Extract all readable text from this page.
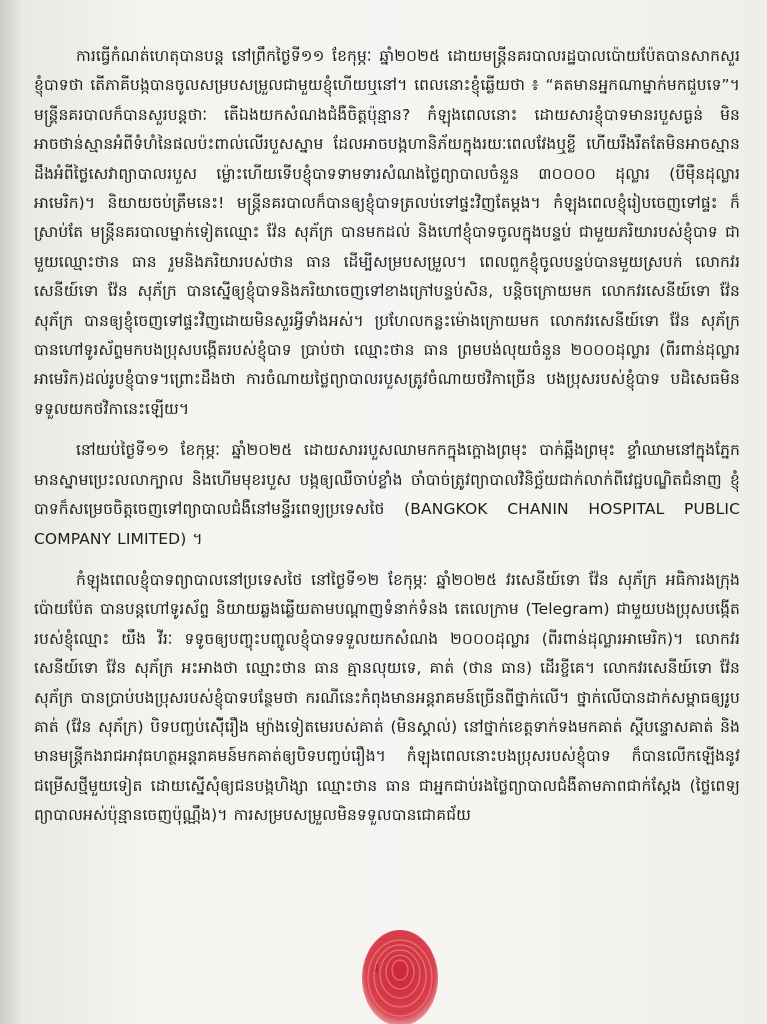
ការធ្វើកំណត់ហេតុបានបន្ត នៅព្រឹកថ្ងៃទី១១ ខែកុម្ភៈ ឆ្នាំ២០២៥ ដោយមន្ត្រីនគរបាលរដ្ឋបាលប៉ោយប៉ែតបានសាកសួរខ្ញុំបាទថា តើភាគីបង្កបានចូលសម្របសម្រួលជាមួយខ្ញុំហើយឬនៅ។ ពេលនោះខ្ញុំឆ្លើយថា ៖ “គតមានអ្នកណាម្នាក់មកជួបទេ”។ មន្ត្រីនគរបាលក៏បានសួរបន្តថាៈ តើឯងយកសំណងជំងឺចិត្តប៉ុន្មាន? កំឡុងពេលនោះ ដោយសារខ្ញុំបាទមានរបួសធ្ងន់ មិនអាចថាន់ស្មានអំពីទំហំនៃផលប៉ះពាល់លើរបួសស្នាម ដែលអាចបង្កហានិភ័យក្នុងរយៈពេលវែងឬខ្លី ហើយរឹងរឹតតែមិនអាចស្មានដឹងអំពីថ្លៃសេវាព្យាបាលរបួស ម៉្លោះហើយទើបខ្ញុំបាទទាមទារសំណងថ្លៃព្យាបាលចំនួន ៣០០០០ ដុល្លារ (បីម៉ឺនដុល្លារអាមេរិក)។ និយាយចប់ត្រឹមនេះ! មន្ត្រីនគរបាលក៏បានឲ្យខ្ញុំបាទត្រលប់ទៅផ្ទះវិញតែម្តង។ កំឡុងពេលខ្ញុំរៀបចេញទៅផ្ទះ ក៏ស្រាប់តែ មន្ត្រីនគរបាលម្នាក់ទៀតឈ្មោះ វ៉ែន សុភ័ក្រ បានមកដល់ និងហៅខ្ញុំបាទចូលក្នុងបន្ទប់ ជាមួយភរិយារបស់ខ្ញុំបាទ ជាមួយឈ្មោះថាន ធាន រួមនិងភរិយារបស់ថាន ធាន ដើម្បីសម្របសម្រួល។ ពេលពួកខ្ញុំចូលបន្ទប់បានមួយស្របក់ លោកវរសេនីយ៍ទោ វ៉ែន សុភ័ក្រ បានស្នើឲ្យខ្ញុំបាទនិងភរិយាចេញទៅខាងក្រៅបន្ទប់សិន, បន្តិចក្រោយមក លោកវរសេនីយ៍ទោ វ៉ែន សុភ័ក្រ បានឲ្យខ្ញុំចេញទៅផ្ទះវិញដោយមិនសួរអ្វីទាំងអស់។ ប្រហែលកន្លះម៉ោងក្រោយមក លោកវរសេនីយ៍ទោ វ៉ែន សុភ័ក្រ បានហៅទូរស័ព្ទមកបងប្រុសបង្កើតរបស់ខ្ញុំបាទ ប្រាប់ថា ឈ្មោះថាន ធាន ព្រមបង់លុយចំនួន ២០០០ដុល្លារ (ពីរពាន់ដុល្លារអាមេរិក)ដល់រូបខ្ញុំបាទ។ព្រោះដឹងថា ការចំណាយថ្លៃព្យាបាលរបួសត្រូវចំណាយថវិកាច្រើន បងប្រុសរបស់ខ្ញុំបាទ បដិសេធមិនទទួលយកថវិកានេះឡើយ។

នៅយប់ថ្ងៃទី១១ ខែកុម្ភៈ ឆ្នាំ២០២៥ ដោយសាររបួសឈាមកកក្នុងក្ពោងព្រមុះ បាក់ឆ្អឹងព្រមុះ ខ្ទាំឈាមនៅក្នុងភ្នែក មានស្នាមប្រេះលលាក្បាល និងហើមមុខរបួស បង្កឲ្យឈឺចាប់ខ្លាំង ចាំបាច់ត្រូវព្យាបាលវិនិច្ឆ័យជាក់លាក់ពីវេជ្ជបណ្ឌិតជំនាញ ខ្ញុំបាទក៏សម្រេចចិត្តចេញទៅព្យាបាលជំងឺនៅមន្ទីរពេទ្យប្រទេសថៃ (BANGKOK CHANIN HOSPITAL PUBLIC COMPANY LIMITED) ។

កំឡុងពេលខ្ញុំបាទព្យាបាលនៅប្រទេសថៃ នៅថ្ងៃទី១២ ខែកុម្ភៈ ឆ្នាំ២០២៥ វរសេនីយ៍ទោ វ៉ែន សុភ័ក្រ អធិការងក្រុងប៉ោយប៉ែត បានបន្តហៅទូរស័ព្ទ និយាយឆ្លងឆ្លើយតាមបណ្តាញទំនាក់ទំនង តេលេក្រាម (Telegram) ជាមួយបងប្រុសបង្កើតរបស់ខ្ញុំឈ្មោះ យឹង វីរៈ ទទូចឲ្យបញ្ចុះបញ្ចូលខ្ញុំបាទទទួលយកសំណង ២០០០ដុល្លារ (ពីរពាន់ដុល្លារអាមេរិក)។ លោកវរសេនីយ៍ទោ វ៉ែន សុភ័ក្រ អះអាងថា ឈ្មោះថាន ធាន គ្មានលុយទេ, គាត់ (ថាន ធាន) ដើរខ្ចីគេ។ លោកវរសេនីយ៍ទោ វ៉ែន សុភ័ក្រ បានប្រាប់បងប្រុសរបស់ខ្ញុំបាទបន្ថែមថា ករណីនេះកំពុងមានអន្តរាគមន៍ច្រើនពីថ្នាក់លើ។ ថ្នាក់លើបានដាក់សម្ពាធឲ្យរូបគាត់ (វ៉ែន សុភ័ក្រ) បិទបញ្ចប់ស៊ើំរឿង ម្យ៉ាងទៀតមេរបស់គាត់ (មិនស្គាល់) នៅថ្នាក់ខេត្តទាក់ទងមកគាត់ ស្តីបន្ទោសគាត់ និងមានមន្ត្រីកងរាជអាវុធហត្ថអន្តរាគមន៍មកគាត់ឲ្យបិទបញ្ចប់រឿង។ កំឡុងពេលនោះបងប្រុសរបស់ខ្ញុំបាទ ក៏បានលើកឡើងនូវជម្រើសថ្មីមួយទៀត ដោយស្នើសុំឲ្យជនបង្កហិង្សា ឈ្មោះថាន ធាន ជាអ្នកជាប់រងថ្លៃព្យាបាលជំងឺតាមភាពជាក់ស្តែង (ថ្លៃពេទ្យព្យាបាលអស់ប៉ុន្មានចេញប៉ុណ្ណឹង)។ ការសម្របសម្រួលមិនទទួលបានជោគជ័យ
